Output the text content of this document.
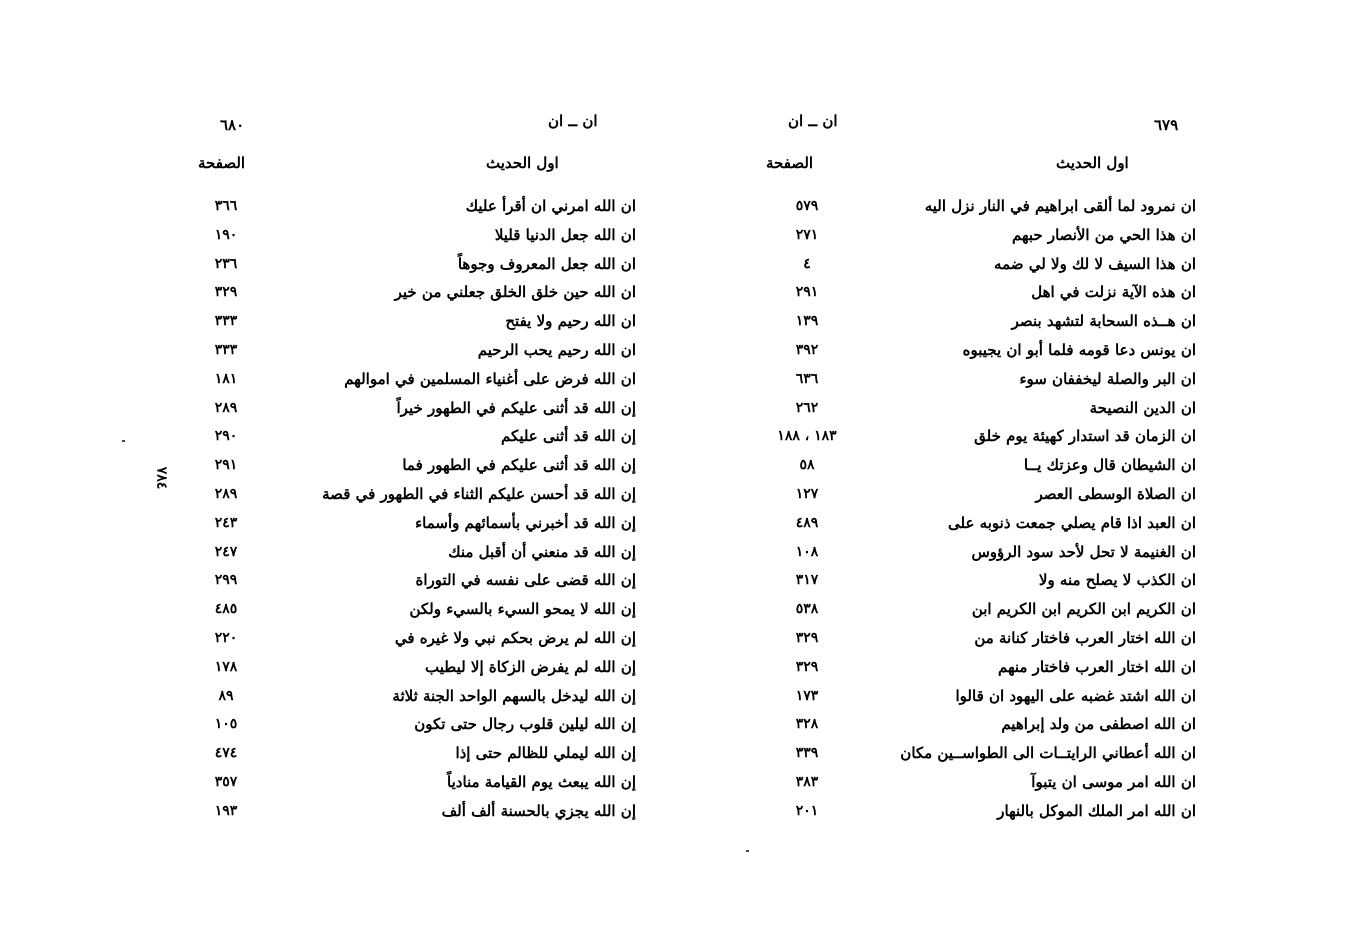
٦٨٠	ان ــ ان
اول الحديث
الصفحة
ان الله امرني ان أقرأ عليك
٣٦٦
ان الله جعل الدنيا قليلا
١٩٠
ان الله جعل المعروف وجوهاً
٢٣٦
ان الله حين خلق الخلق جعلني من خير
٣٢٩
ان الله رحيم ولا يفتح
٣٣٣
ان الله رحيم يحب الرحيم
٣٣٣
ان الله فرض على أغنياء المسلمين في اموالهم
١٨١
إن الله قد أثنى عليكم في الطهور خيراً
٢٨٩
إن الله قد أثنى عليكم
٢٩٠
إن الله قد أثنى عليكم في الطهور فما
٢٩١
إن الله قد أحسن عليكم الثناء في الطهور في قصة
٢٨٩
إن الله قد أخبرني بأسمائهم وأسماء
٢٤٣
إن الله قد منعني أن أقبل منك
٢٤٧
إن الله قضى على نفسه في التوراة
٢٩٩
إن الله لا يمحو السيء بالسيء ولكن
٤٨٥
إن الله لم يرض بحكم نبي ولا غيره في
٢٢٠
إن الله لم يفرض الزكاة إلا ليطيب
١٧٨
إن الله ليدخل بالسهم الواحد الجنة ثلاثة
٨٩
إن الله ليلين قلوب رجال حتى تكون
١٠٥
إن الله ليملي للظالم حتى إذا
٤٧٤
إن الله يبعث يوم القيامة منادياً
٣٥٧
إن الله يجزي بالحسنة ألف ألف
١٩٣
٧٨٤
٦٧٩
ان ــ ان
اول الحديث
الصفحة
ان نمرود لما ألقى ابراهيم في النار نزل اليه
٥٧٩
ان هذا الحي من الأنصار حبهم
٢٧١
ان هذا السيف لا لك ولا لي ضمه
٤
ان هذه الآية نزلت في اهل
٢٩١
ان هــذه السحابة لتشهد بنصر
١٣٩
ان يونس دعا قومه فلما أبو ان يجيبوه
٣٩٢
ان البر والصلة ليخففان سوء
٦٣٦
ان الدين النصيحة
٢٦٢
ان الزمان قد استدار كهيئة يوم خلق
١٨٣ ، ١٨٨
ان الشيطان قال وعزتك يــا
٥٨
ان الصلاة الوسطى العصر
١٢٧
ان العبد اذا قام يصلي جمعت ذنوبه على
٤٨٩
ان الغنيمة لا تحل لأحد سود الرؤوس
١٠٨
ان الكذب لا يصلح منه ولا
٣١٧
ان الكريم ابن الكريم ابن الكريم ابن
٥٣٨
ان الله اختار العرب فاختار كنانة من
٣٢٩
ان الله اختار العرب فاختار منهم
٣٢٩
ان الله اشتد غضبه على اليهود ان قالوا
١٧٣
ان الله اصطفى من ولد إبراهيم
٣٢٨
ان الله أعطاني الرايتــات الى الطواســين مكان
٣٣٩
ان الله امر موسى ان يتبوآ
٣٨٣
ان الله امر الملك الموكل بالنهار
٢٠١
